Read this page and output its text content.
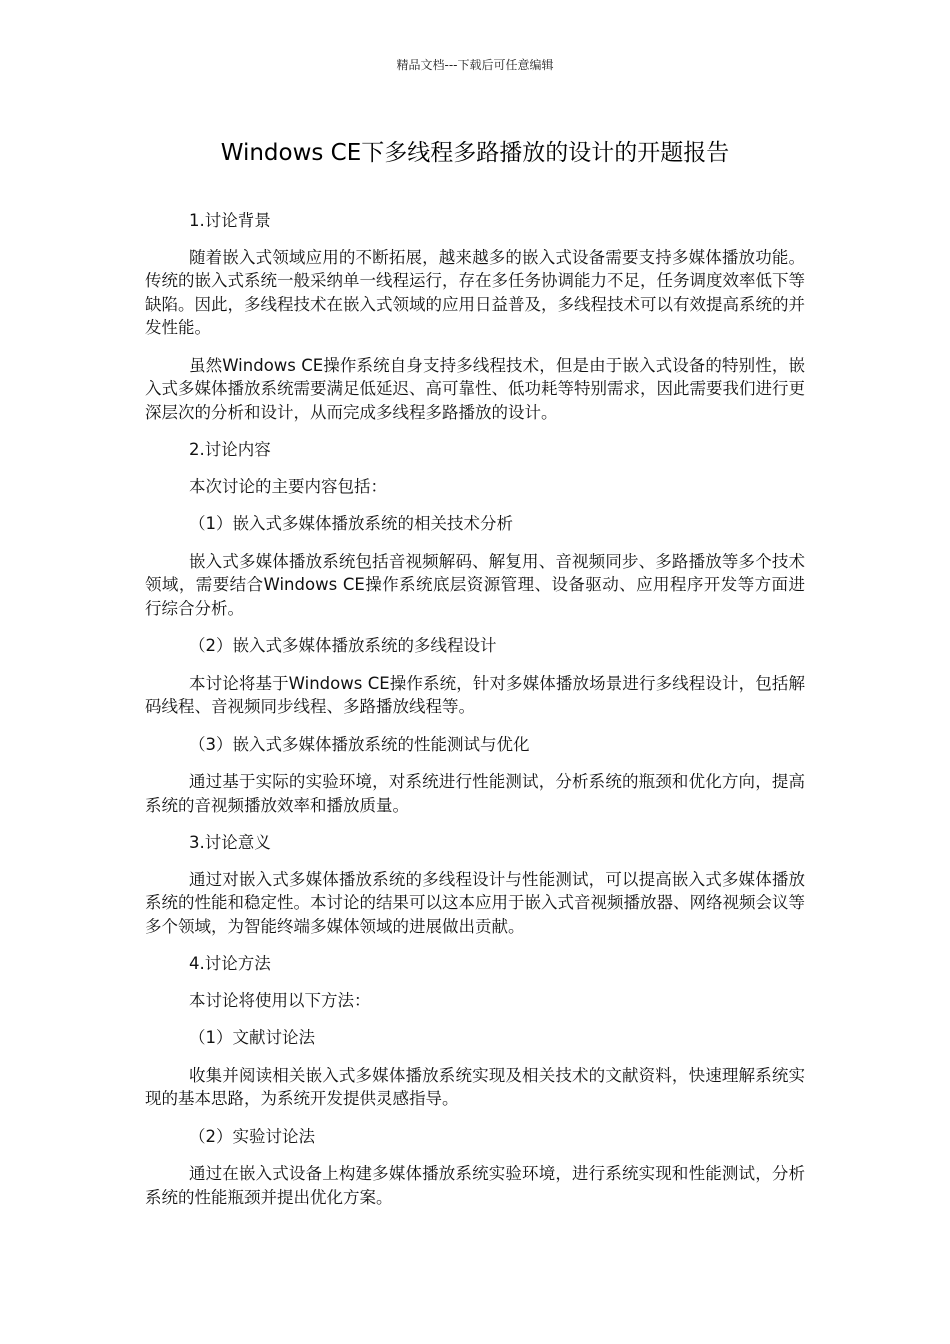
精品文档---下载后可任意编辑
Windows CE下多线程多路播放的设计的开题报告

1.讨论背景

随着嵌入式领域应用的不断拓展，越来越多的嵌入式设备需要支持多媒体播放功能。传统的嵌入式系统一般采纳单一线程运行，存在多任务协调能力不足，任务调度效率低下等缺陷。因此，多线程技术在嵌入式领域的应用日益普及，多线程技术可以有效提高系统的并发性能。

虽然Windows CE操作系统自身支持多线程技术，但是由于嵌入式设备的特别性，嵌入式多媒体播放系统需要满足低延迟、高可靠性、低功耗等特别需求，因此需要我们进行更深层次的分析和设计，从而完成多线程多路播放的设计。

2.讨论内容

本次讨论的主要内容包括：

（1）嵌入式多媒体播放系统的相关技术分析

嵌入式多媒体播放系统包括音视频解码、解复用、音视频同步、多路播放等多个技术领域，需要结合Windows CE操作系统底层资源管理、设备驱动、应用程序开发等方面进行综合分析。

（2）嵌入式多媒体播放系统的多线程设计

本讨论将基于Windows CE操作系统，针对多媒体播放场景进行多线程设计，包括解码线程、音视频同步线程、多路播放线程等。

（3）嵌入式多媒体播放系统的性能测试与优化

通过基于实际的实验环境，对系统进行性能测试，分析系统的瓶颈和优化方向，提高系统的音视频播放效率和播放质量。

3.讨论意义

通过对嵌入式多媒体播放系统的多线程设计与性能测试，可以提高嵌入式多媒体播放系统的性能和稳定性。本讨论的结果可以这本应用于嵌入式音视频播放器、网络视频会议等多个领域，为智能终端多媒体领域的进展做出贡献。

4.讨论方法

本讨论将使用以下方法：

（1）文献讨论法

收集并阅读相关嵌入式多媒体播放系统实现及相关技术的文献资料，快速理解系统实现的基本思路，为系统开发提供灵感指导。

（2）实验讨论法

通过在嵌入式设备上构建多媒体播放系统实验环境，进行系统实现和性能测试，分析系统的性能瓶颈并提出优化方案。
